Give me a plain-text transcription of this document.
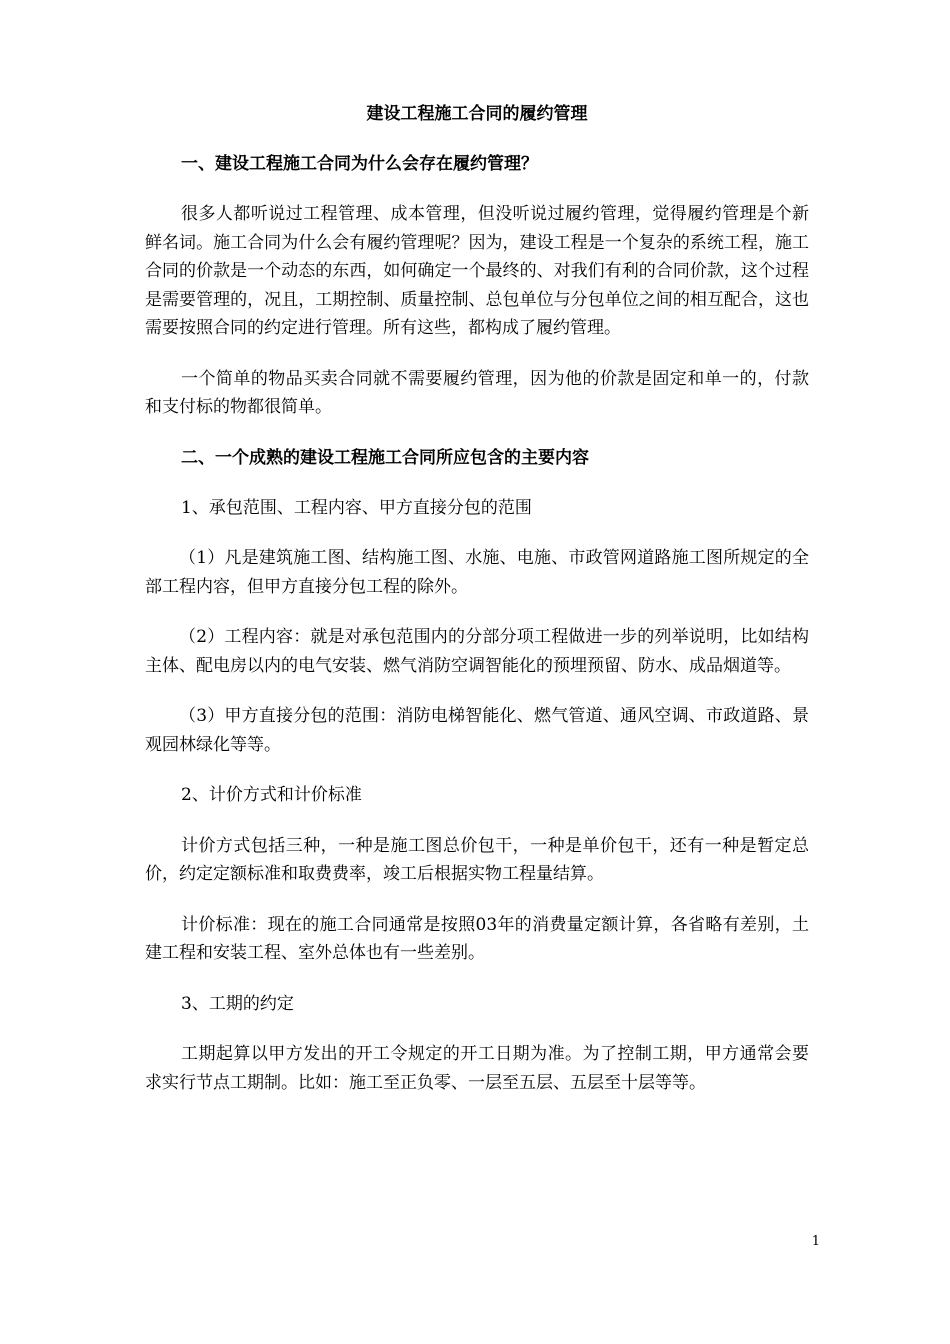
建设工程施工合同的履约管理
一、建设工程施工合同为什么会存在履约管理？
很多人都听说过工程管理、成本管理，但没听说过履约管理，觉得履约管理是个新鲜名词。施工合同为什么会有履约管理呢？因为，建设工程是一个复杂的系统工程，施工合同的价款是一个动态的东西，如何确定一个最终的、对我们有利的合同价款，这个过程是需要管理的，况且，工期控制、质量控制、总包单位与分包单位之间的相互配合，这也需要按照合同的约定进行管理。所有这些，都构成了履约管理。
一个简单的物品买卖合同就不需要履约管理，因为他的价款是固定和单一的，付款和支付标的物都很简单。
二、一个成熟的建设工程施工合同所应包含的主要内容
1、承包范围、工程内容、甲方直接分包的范围
（1）凡是建筑施工图、结构施工图、水施、电施、市政管网道路施工图所规定的全部工程内容，但甲方直接分包工程的除外。
（2）工程内容：就是对承包范围内的分部分项工程做进一步的列举说明，比如结构主体、配电房以内的电气安装、燃气消防空调智能化的预埋预留、防水、成品烟道等。
（3）甲方直接分包的范围：消防电梯智能化、燃气管道、通风空调、市政道路、景观园林绿化等等。
2、计价方式和计价标准
计价方式包括三种，一种是施工图总价包干，一种是单价包干，还有一种是暂定总价，约定定额标准和取费费率，竣工后根据实物工程量结算。
计价标准：现在的施工合同通常是按照03年的消费量定额计算，各省略有差别，土建工程和安装工程、室外总体也有一些差别。
3、工期的约定
工期起算以甲方发出的开工令规定的开工日期为准。为了控制工期，甲方通常会要求实行节点工期制。比如：施工至正负零、一层至五层、五层至十层等等。
1
